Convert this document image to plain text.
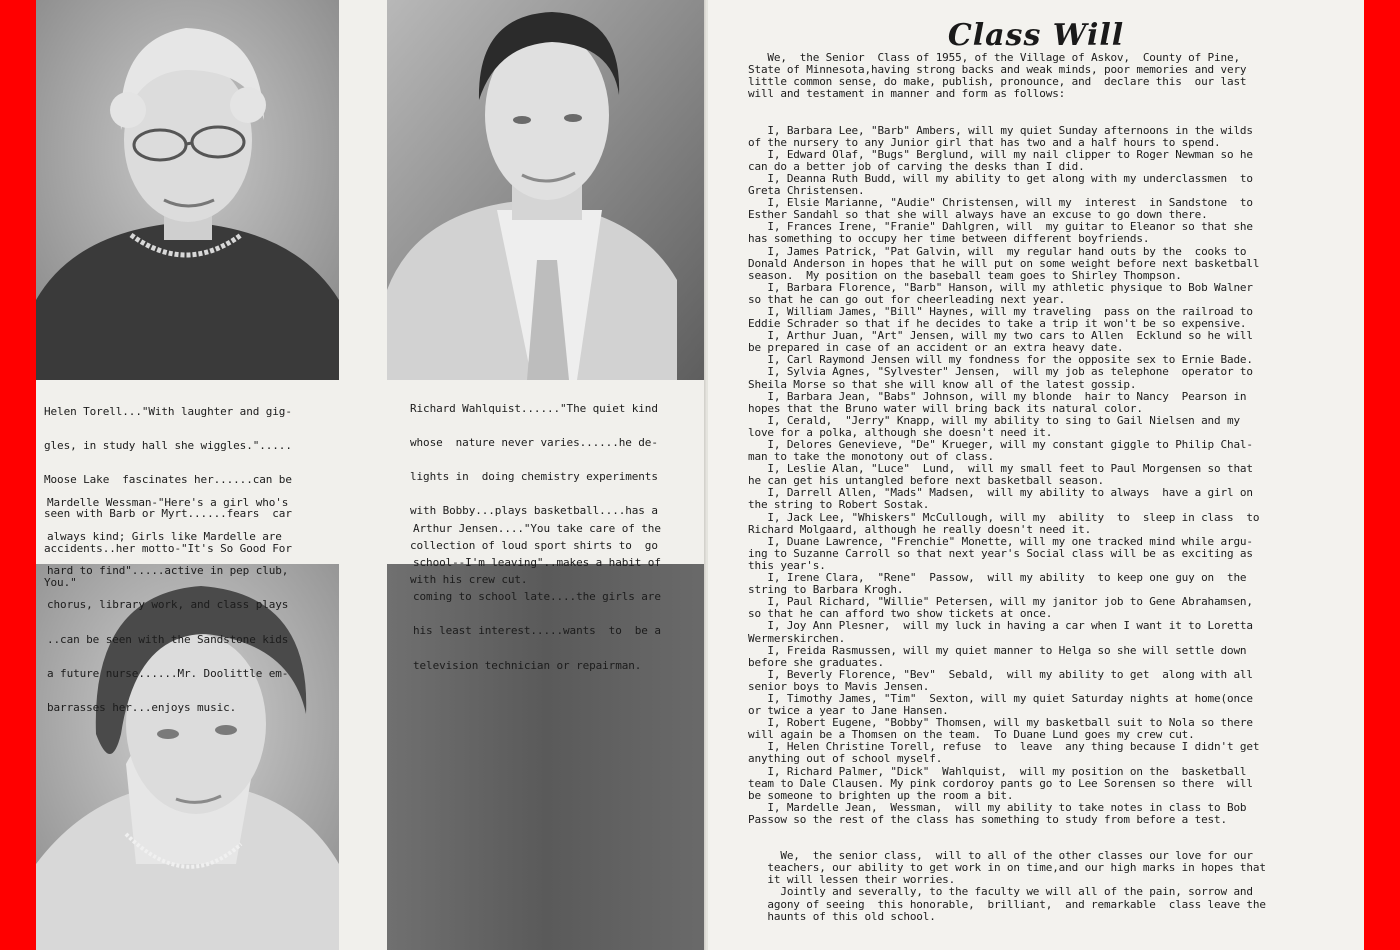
Helen Torell..."With laughter and gig-

gles, in study hall she wiggles.".....

Moose Lake  fascinates her......can be

seen with Barb or Myrt......fears  car

accidents..her motto-"It's So Good For

You."

Richard Wahlquist......"The quiet kind

whose  nature never varies......he de-

lights in  doing chemistry experiments

with Bobby...plays basketball....has a

collection of loud sport shirts to  go

with his crew cut.

Mardelle Wessman-"Here's a girl who's

always kind; Girls like Mardelle are

hard to find".....active in pep club,

chorus, library work, and class plays

..can be seen with the Sandstone kids

a future nurse......Mr. Doolittle em-

barrasses her...enjoys music.

Arthur Jensen...."You take care of the

school--I'm leaving"..makes a habit of

coming to school late....the girls are

his least interest.....wants  to  be a

television technician or repairman.

Class Will
We,  the Senior  Class of 1955, of the Village of Askov,  County of Pine,
State of Minnesota,having strong backs and weak minds, poor memories and very
little common sense, do make, publish, pronounce, and  declare this  our last
will and testament in manner and form as follows:
I, Barbara Lee, "Barb" Ambers, will my quiet Sunday afternoons in the wilds
of the nursery to any Junior girl that has two and a half hours to spend.
I, Edward Olaf, "Bugs" Berglund, will my nail clipper to Roger Newman so he
can do a better job of carving the desks than I did.
I, Deanna Ruth Budd, will my ability to get along with my underclassmen  to
Greta Christensen.
I, Elsie Marianne, "Audie" Christensen, will my  interest  in Sandstone  to
Esther Sandahl so that she will always have an excuse to go down there.
I, Frances Irene, "Franie" Dahlgren, will  my guitar to Eleanor so that she
has something to occupy her time between different boyfriends.
I, James Patrick, "Pat Galvin, will  my regular hand outs by the  cooks to
Donald Anderson in hopes that he will put on some weight before next basketball
season.  My position on the baseball team goes to Shirley Thompson.
I, Barbara Florence, "Barb" Hanson, will my athletic physique to Bob Walner
so that he can go out for cheerleading next year.
I, William James, "Bill" Haynes, will my traveling  pass on the railroad to
Eddie Schrader so that if he decides to take a trip it won't be so expensive.
I, Arthur Juan, "Art" Jensen, will my two cars to Allen  Ecklund so he will
be prepared in case of an accident or an extra heavy date.
I, Carl Raymond Jensen will my fondness for the opposite sex to Ernie Bade.
I, Sylvia Agnes, "Sylvester" Jensen,  will my job as telephone  operator to
Sheila Morse so that she will know all of the latest gossip.
I, Barbara Jean, "Babs" Johnson, will my blonde  hair to Nancy  Pearson in
hopes that the Bruno water will bring back its natural color.
I, Cerald,  "Jerry" Knapp, will my ability to sing to Gail Nielsen and my
love for a polka, although she doesn't need it.
I, Delores Genevieve, "De" Krueger, will my constant giggle to Philip Chal-
man to take the monotony out of class.
I, Leslie Alan, "Luce"  Lund,  will my small feet to Paul Morgensen so that
he can get his untangled before next basketball season.
I, Darrell Allen, "Mads" Madsen,  will my ability to always  have a girl on
the string to Robert Sostak.
I, Jack Lee, "Whiskers" McCullough, will my  ability  to  sleep in class  to
Richard Molgaard, although he really doesn't need it.
I, Duane Lawrence, "Frenchie" Monette, will my one tracked mind while argu-
ing to Suzanne Carroll so that next year's Social class will be as exciting as
this year's.
I, Irene Clara,  "Rene"  Passow,  will my ability  to keep one guy on  the
string to Barbara Krogh.
I, Paul Richard, "Willie" Petersen, will my janitor job to Gene Abrahamsen,
so that he can afford two show tickets at once.
I, Joy Ann Plesner,  will my luck in having a car when I want it to Loretta
Wermerskirchen.
I, Freida Rasmussen, will my quiet manner to Helga so she will settle down
before she graduates.
I, Beverly Florence, "Bev"  Sebald,  will my ability to get  along with all
senior boys to Mavis Jensen.
I, Timothy James, "Tim"  Sexton, will my quiet Saturday nights at home(once
or twice a year to Jane Hansen.
I, Robert Eugene, "Bobby" Thomsen, will my basketball suit to Nola so there
will again be a Thomsen on the team.  To Duane Lund goes my crew cut.
I, Helen Christine Torell, refuse  to  leave  any thing because I didn't get
anything out of school myself.
I, Richard Palmer, "Dick"  Wahlquist,  will my position on the  basketball
team to Dale Clausen. My pink cordoroy pants go to Lee Sorensen so there  will
be someone to brighten up the room a bit.
I, Mardelle Jean,  Wessman,  will my ability to take notes in class to Bob
Passow so the rest of the class has something to study from before a test.
We,  the senior class,  will to all of the other classes our love for our
teachers, our ability to get work in on time,and our high marks in hopes that
it will lessen their worries.
Jointly and severally, to the faculty we will all of the pain, sorrow and
agony of seeing  this honorable,  brilliant,  and remarkable  class leave the
haunts of this old school.
